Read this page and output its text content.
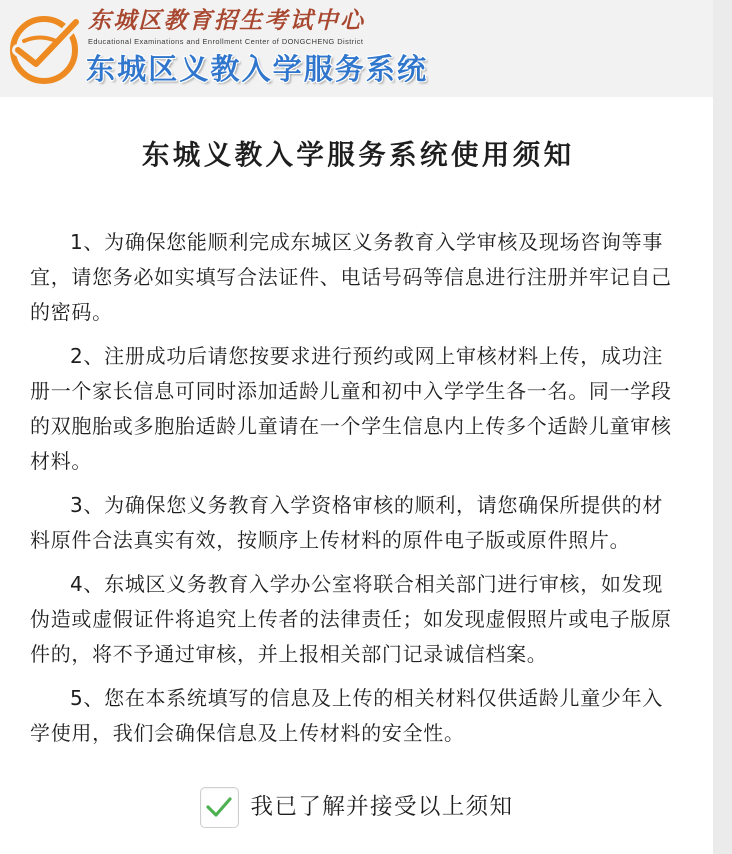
东城区教育招生考试中心
Educational Examinations and Enrollment Center of DONGCHENG District
东城区义教入学服务系统
东城义教入学服务系统使用须知
1、为确保您能顺利完成东城区义务教育入学审核及现场咨询等事
宜，请您务必如实填写合法证件、电话号码等信息进行注册并牢记自己
的密码。
2、注册成功后请您按要求进行预约或网上审核材料上传，成功注
册一个家长信息可同时添加适龄儿童和初中入学学生各一名。同一学段
的双胞胎或多胞胎适龄儿童请在一个学生信息内上传多个适龄儿童审核
材料。
3、为确保您义务教育入学资格审核的顺利，请您确保所提供的材
料原件合法真实有效，按顺序上传材料的原件电子版或原件照片。
4、东城区义务教育入学办公室将联合相关部门进行审核，如发现
伪造或虚假证件将追究上传者的法律责任；如发现虚假照片或电子版原
件的，将不予通过审核，并上报相关部门记录诚信档案。
5、您在本系统填写的信息及上传的相关材料仅供适龄儿童少年入
学使用，我们会确保信息及上传材料的安全性。
我已了解并接受以上须知
